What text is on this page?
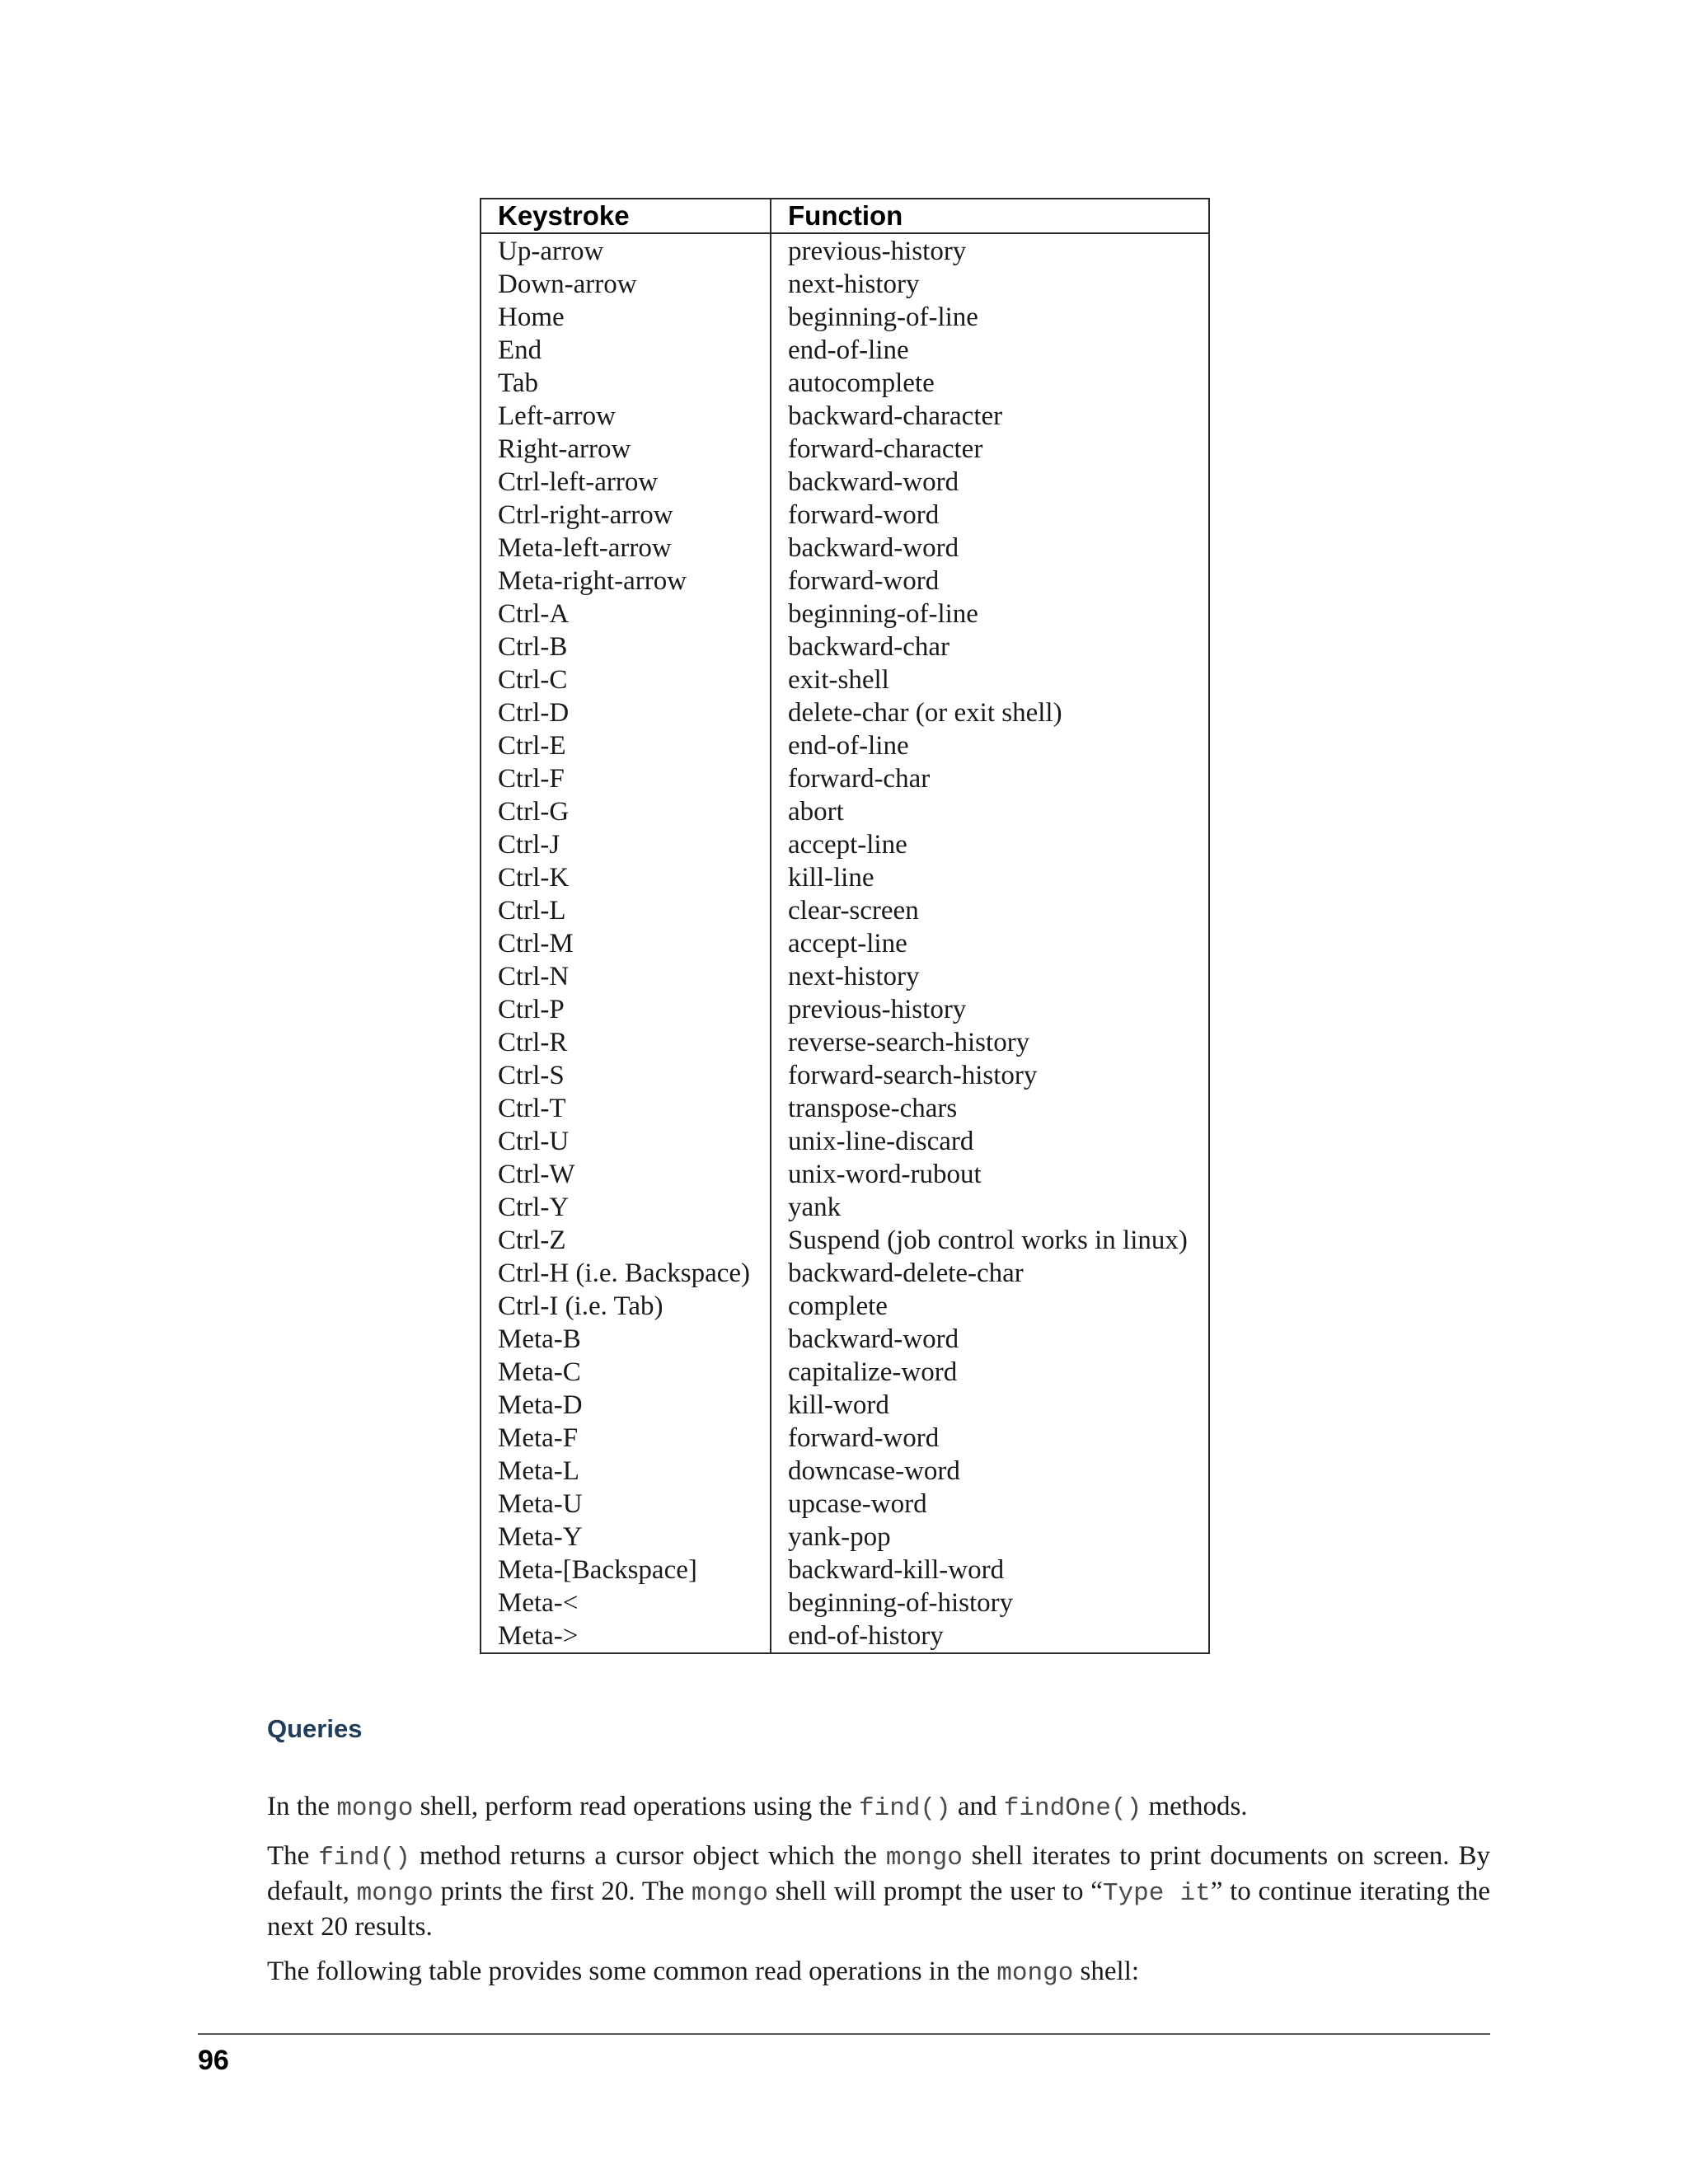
Keystroke	Function
Up-arrow	previous-history
Down-arrow	next-history
Home	beginning-of-line
End	end-of-line
Tab	autocomplete
Left-arrow	backward-character
Right-arrow	forward-character
Ctrl-left-arrow	backward-word
Ctrl-right-arrow	forward-word
Meta-left-arrow	backward-word
Meta-right-arrow	forward-word
Ctrl-A	beginning-of-line
Ctrl-B	backward-char
Ctrl-C	exit-shell
Ctrl-D	delete-char (or exit shell)
Ctrl-E	end-of-line
Ctrl-F	forward-char
Ctrl-G	abort
Ctrl-J	accept-line
Ctrl-K	kill-line
Ctrl-L	clear-screen
Ctrl-M	accept-line
Ctrl-N	next-history
Ctrl-P	previous-history
Ctrl-R	reverse-search-history
Ctrl-S	forward-search-history
Ctrl-T	transpose-chars
Ctrl-U	unix-line-discard
Ctrl-W	unix-word-rubout
Ctrl-Y	yank
Ctrl-Z	Suspend (job control works in linux)
Ctrl-H (i.e. Backspace)	backward-delete-char
Ctrl-I (i.e. Tab)	complete
Meta-B	backward-word
Meta-C	capitalize-word
Meta-D	kill-word
Meta-F	forward-word
Meta-L	downcase-word
Meta-U	upcase-word
Meta-Y	yank-pop
Meta-[Backspace]	backward-kill-word
Meta-<	beginning-of-history
Meta->	end-of-history
Queries

In the mongo shell, perform read operations using the find() and findOne() methods.

The find() method returns a cursor object which the mongo shell iterates to print documents on screen. By default, mongo prints the first 20. The mongo shell will prompt the user to “Type it” to continue iterating the next 20 results.

The following table provides some common read operations in the mongo shell:

96
